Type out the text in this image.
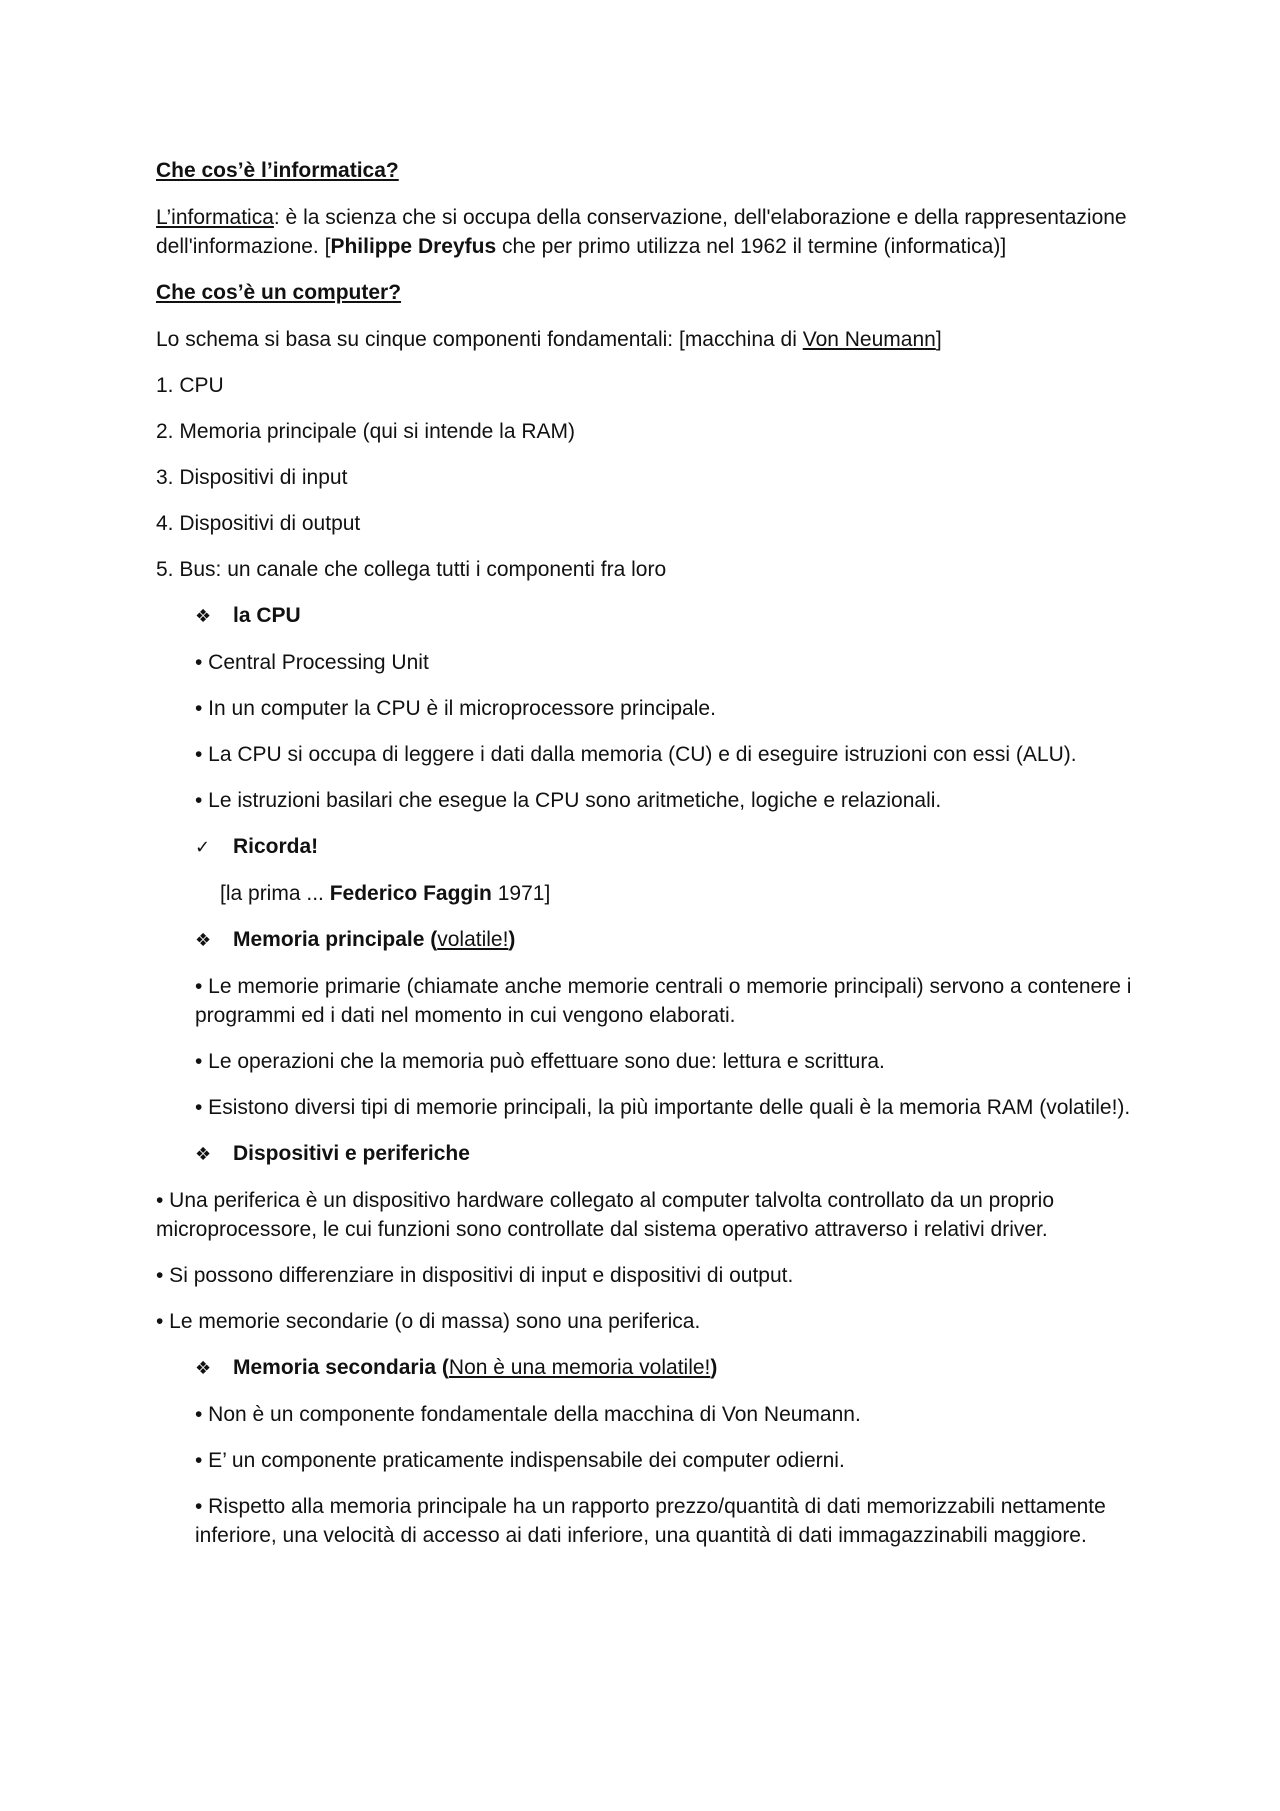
Che cos’è l’informatica?
L’informatica: è la scienza che si occupa della conservazione, dell'elaborazione e della rappresentazione dell'informazione. [Philippe Dreyfus che per primo utilizza nel 1962 il termine (informatica)]
Che cos’è un computer?
Lo schema si basa su cinque componenti fondamentali: [macchina di Von Neumann]
1. CPU
2. Memoria principale (qui si intende la RAM)
3. Dispositivi di input
4. Dispositivi di output
5. Bus: un canale che collega tutti i componenti fra loro
❖	la CPU
• Central Processing Unit
• In un computer la CPU è il microprocessore principale.
• La CPU si occupa di leggere i dati dalla memoria (CU) e di eseguire istruzioni con essi (ALU).
• Le istruzioni basilari che esegue la CPU sono aritmetiche, logiche e relazionali.
✓	Ricorda!
[la prima ... Federico Faggin 1971]
❖	Memoria principale (volatile!)
• Le memorie primarie (chiamate anche memorie centrali o memorie principali) servono a contenere i programmi ed i dati nel momento in cui vengono elaborati.
• Le operazioni che la memoria può effettuare sono due: lettura e scrittura.
• Esistono diversi tipi di memorie principali, la più importante delle quali è la memoria RAM (volatile!).
❖	Dispositivi e periferiche
• Una periferica è un dispositivo hardware collegato al computer talvolta controllato da un proprio microprocessore, le cui funzioni sono controllate dal sistema operativo attraverso i relativi driver.
• Si possono differenziare in dispositivi di input e dispositivi di output.
• Le memorie secondarie (o di massa) sono una periferica.
❖	Memoria secondaria (Non è una memoria volatile!)
• Non è un componente fondamentale della macchina di Von Neumann.
• E’ un componente praticamente indispensabile dei computer odierni.
• Rispetto alla memoria principale ha un rapporto prezzo/quantità di dati memorizzabili nettamente inferiore, una velocità di accesso ai dati inferiore, una quantità di dati immagazzinabili maggiore.
